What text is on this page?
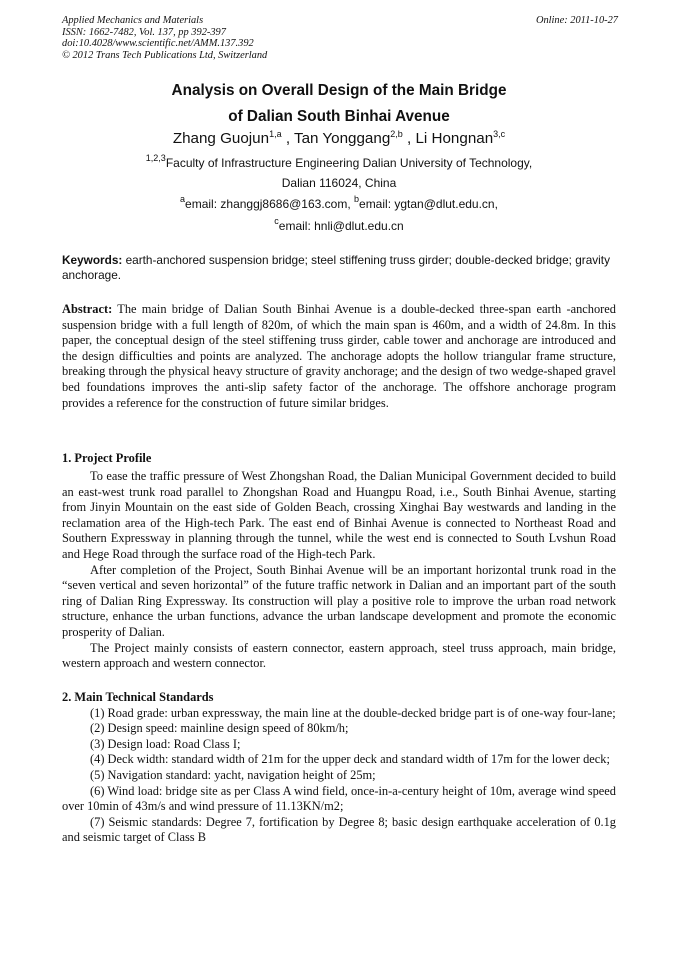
Applied Mechanics and Materials	Online: 2011-10-27
ISSN: 1662-7482, Vol. 137, pp 392-397
doi:10.4028/www.scientific.net/AMM.137.392
© 2012 Trans Tech Publications Ltd, Switzerland
Analysis on Overall Design of the Main Bridge
of Dalian South Binhai Avenue
Zhang Guojun$^{1,a}$ , Tan Yonggang$^{2,b}$ , Li Hongnan$^{3,c}$
$^{1,2,3}$Faculty of Infrastructure Engineering Dalian University of Technology,
Dalian 116024, China
$^a$email: zhanggj8686@163.com, $^b$email: ygtan@dlut.edu.cn,
$^c$email: hnli@dlut.edu.cn
Keywords: earth-anchored suspension bridge; steel stiffening truss girder; double-decked bridge; gravity anchorage.
Abstract: The main bridge of Dalian South Binhai Avenue is a double-decked three-span earth -anchored suspension bridge with a full length of 820m, of which the main span is 460m, and a width of 24.8m. In this paper, the conceptual design of the steel stiffening truss girder, cable tower and anchorage are introduced and the design difficulties and points are analyzed. The anchorage adopts the hollow triangular frame structure, breaking through the physical heavy structure of gravity anchorage; and the design of two wedge-shaped gravel bed foundations improves the anti-slip safety factor of the anchorage. The offshore anchorage program provides a reference for the construction of future similar bridges.
1. Project Profile

To ease the traffic pressure of West Zhongshan Road, the Dalian Municipal Government decided to build an east-west trunk road parallel to Zhongshan Road and Huangpu Road, i.e., South Binhai Avenue, starting from Jinyin Mountain on the east side of Golden Beach, crossing Xinghai Bay westwards and landing in the reclamation area of the High-tech Park. The east end of Binhai Avenue is connected to Northeast Road and Southern Expressway in planning through the tunnel, while the west end is connected to South Lvshun Road and Hege Road through the surface road of the High-tech Park.

After completion of the Project, South Binhai Avenue will be an important horizontal trunk road in the “seven vertical and seven horizontal” of the future traffic network in Dalian and an important part of the south ring of Dalian Ring Expressway. Its construction will play a positive role to improve the urban road network structure, enhance the urban functions, advance the urban landscape development and promote the economic prosperity of Dalian.

The Project mainly consists of eastern connector, eastern approach, steel truss approach, main bridge, western approach and western connector.

2. Main Technical Standards

(1) Road grade: urban expressway, the main line at the double-decked bridge part is of one-way four-lane;

(2) Design speed: mainline design speed of 80km/h;

(3) Design load: Road Class I;

(4) Deck width: standard width of 21m for the upper deck and standard width of 17m for the lower deck;

(5) Navigation standard: yacht, navigation height of 25m;

(6) Wind load: bridge site as per Class A wind field, once-in-a-century height of 10m, average wind speed over 10min of 43m/s and wind pressure of 11.13KN/m2;

(7) Seismic standards: Degree 7, fortification by Degree 8; basic design earthquake acceleration of 0.1g and seismic target of Class B
